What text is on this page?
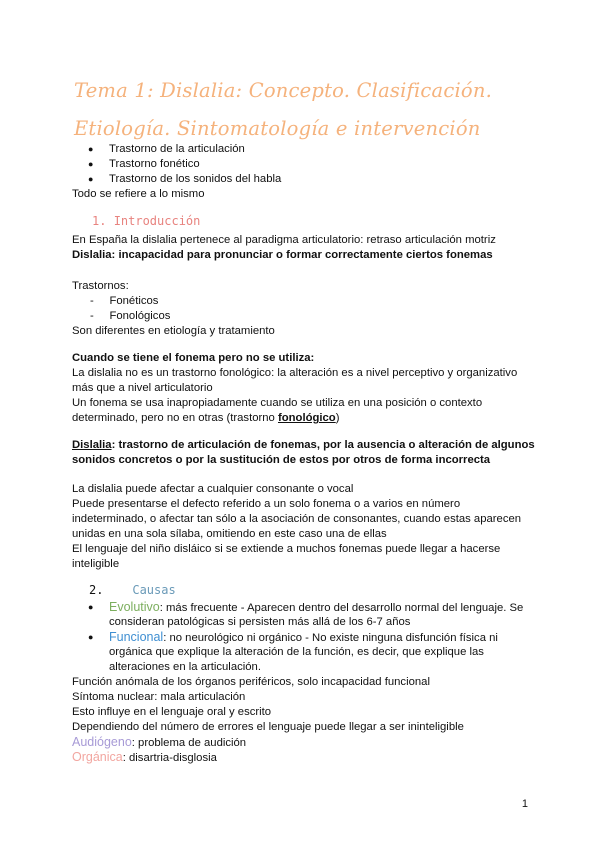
Tema 1: Dislalia: Concepto. Clasificación. Etiología. Sintomatología e intervención
● Trastorno de la articulación
● Trastorno fonético
● Trastorno de los sonidos del habla
Todo se refiere a lo mismo
1. Introducción
En España la dislalia pertenece al paradigma articulatorio: retraso articulación motriz
Dislalia: incapacidad para pronunciar o formar correctamente ciertos fonemas
Trastornos:
-     Fonéticos
-     Fonológicos
Son diferentes en etiología y tratamiento
Cuando se tiene el fonema pero no se utiliza:
La dislalia no es un trastorno fonológico: la alteración es a nivel perceptivo y organizativo
más que a nivel articulatorio
Un fonema se usa inapropiadamente cuando se utiliza en una posición o contexto
determinado, pero no en otras (trastorno fonológico)
Dislalia: trastorno de articulación de fonemas, por la ausencia o alteración de algunos
sonidos concretos o por la sustitución de estos por otros de forma incorrecta
La dislalia puede afectar a cualquier consonante o vocal
Puede presentarse el defecto referido a un solo fonema o a varios en número
indeterminado, o afectar tan sólo a la asociación de consonantes, cuando estas aparecen
unidas en una sola sílaba, omitiendo en este caso una de ellas
El lenguaje del niño disláico si se extiende a muchos fonemas puede llegar a hacerse
inteligible
2. Causas
● Evolutivo: más frecuente - Aparecen dentro del desarrollo normal del lenguaje. Se
consideran patológicas si persisten más allá de los 6-7 años
● Funcional: no neurológico ni orgánico - No existe ninguna disfunción física ni
orgánica que explique la alteración de la función, es decir, que explique las
alteraciones en la articulación.
Función anómala de los órganos periféricos, solo incapacidad funcional
Síntoma nuclear: mala articulación
Esto influye en el lenguaje oral y escrito
Dependiendo del número de errores el lenguaje puede llegar a ser ininteligible
Audiógeno: problema de audición
Orgánica: disartria-disglosia
1
